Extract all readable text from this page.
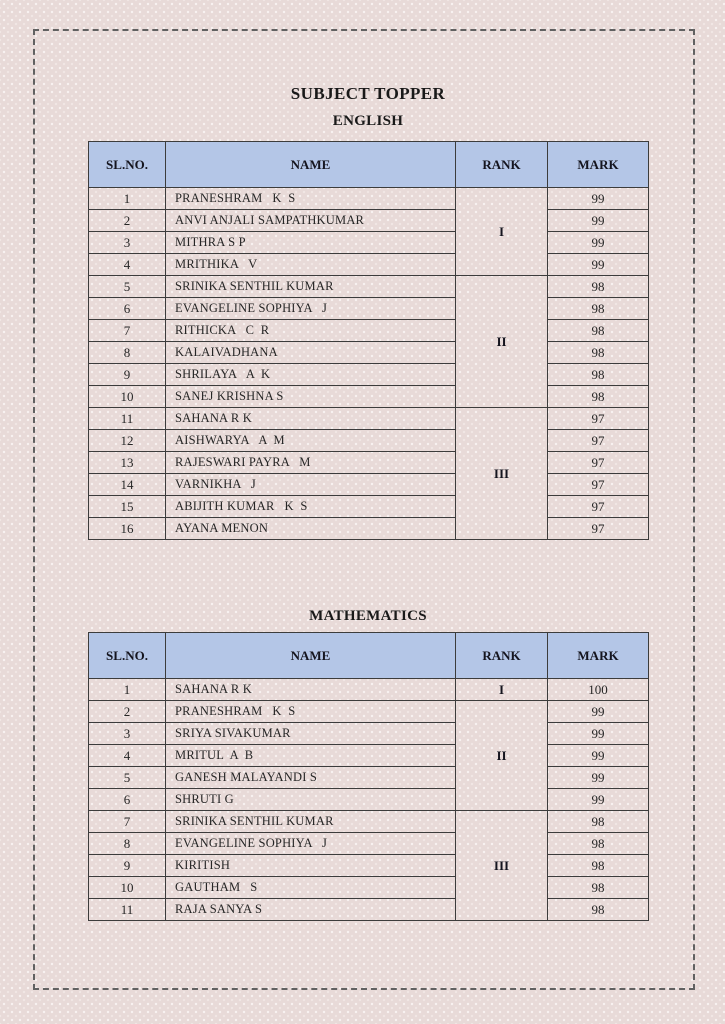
SUBJECT TOPPER
ENGLISH
SL.NO.	NAME	RANK	MARK
1	PRANESHRAM   K  S	I	99
2	ANVI ANJALI SAMPATHKUMAR		99
3	MITHRA S P		99
4	MRITHIKA   V		99
5	SRINIKA SENTHIL KUMAR	II	98
6	EVANGELINE SOPHIYA   J		98
7	RITHICKA   C  R		98
8	KALAIVADHANA		98
9	SHRILAYA   A  K		98
10	SANEJ KRISHNA S		98
11	SAHANA R K	III	97
12	AISHWARYA   A  M		97
13	RAJESWARI PAYRA   M		97
14	VARNIKHA   J		97
15	ABIJITH KUMAR   K  S		97
16	AYANA MENON		97
MATHEMATICS
SL.NO.	NAME	RANK	MARK
1	SAHANA R K	I	100
2	PRANESHRAM   K  S	II	99
3	SRIYA SIVAKUMAR		99
4	MRITUL  A  B		99
5	GANESH MALAYANDI S		99
6	SHRUTI G		99
7	SRINIKA SENTHIL KUMAR	III	98
8	EVANGELINE SOPHIYA   J		98
9	KIRITISH		98
10	GAUTHAM   S		98
11	RAJA SANYA S		98
